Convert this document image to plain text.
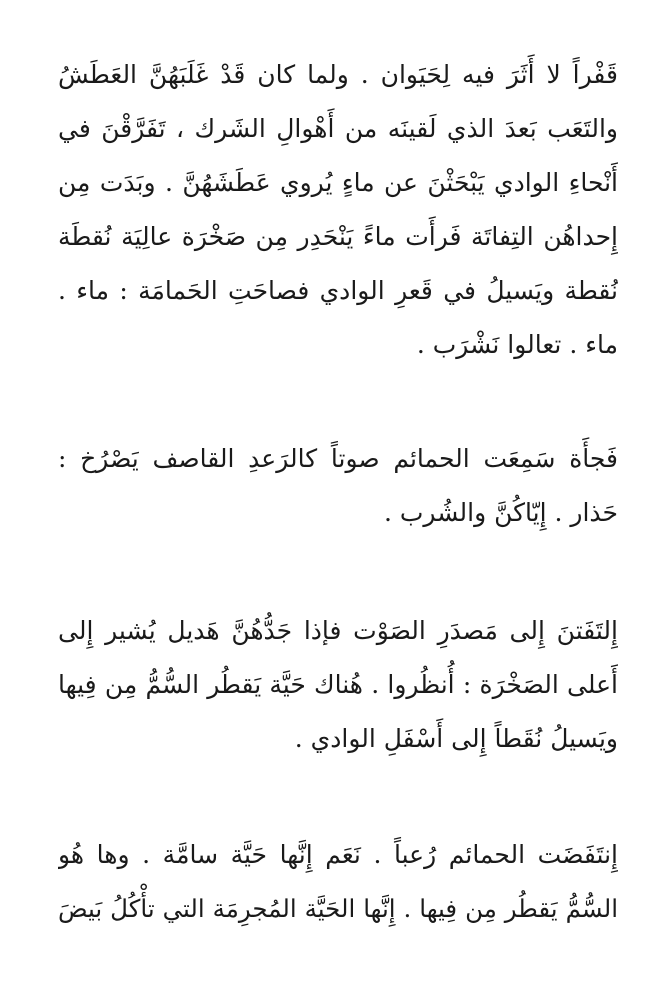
قَفْراً لا أَثَرَ فيه لِحَيَوان . ولما كان قَدْ غَلَبَهُنَّ العَطَشُ
والتَعَب بَعدَ الذي لَقينَه من أَهْوالِ الشَرك ، تَفَرَّقْنَ في
أَنْحاءِ الوادي يَبْحَثْنَ عن ماءٍ يُروي عَطَشَهُنَّ . وبَدَت مِن
إِحداهُن التِفاتَة فَرأَت ماءً يَنْحَدِر مِن صَخْرَة عالِيَة نُقطَة
نُقطة ويَسيلُ في قَعرِ الوادي فصاحَتِ الحَمامَة : ماء .
ماء . تعالوا نَشْرَب .
فَجأَة سَمِعَت الحمائم صوتاً كالرَعدِ القاصف يَصْرُخ :
حَذار . إِيّاكُنَّ والشُرب .
إِلتَفَتنَ إِلى مَصدَرِ الصَوْت فإذا جَدُّهُنَّ هَديل يُشير إِلى
أَعلى الصَخْرَة : أُنظُروا . هُناك حَيَّة يَقطُر السُّمُّ مِن فِيها
ويَسيلُ نُقَطاً إِلى أَسْفَلِ الوادي .
إِنتَفَضَت الحمائم رُعباً . نَعَم إِنَّها حَيَّة سامَّة . وها هُو
السُّمُّ يَقطُر مِن فِيها . إِنَّها الحَيَّة المُجرِمَة التي تأْكُلُ بَيضَ
